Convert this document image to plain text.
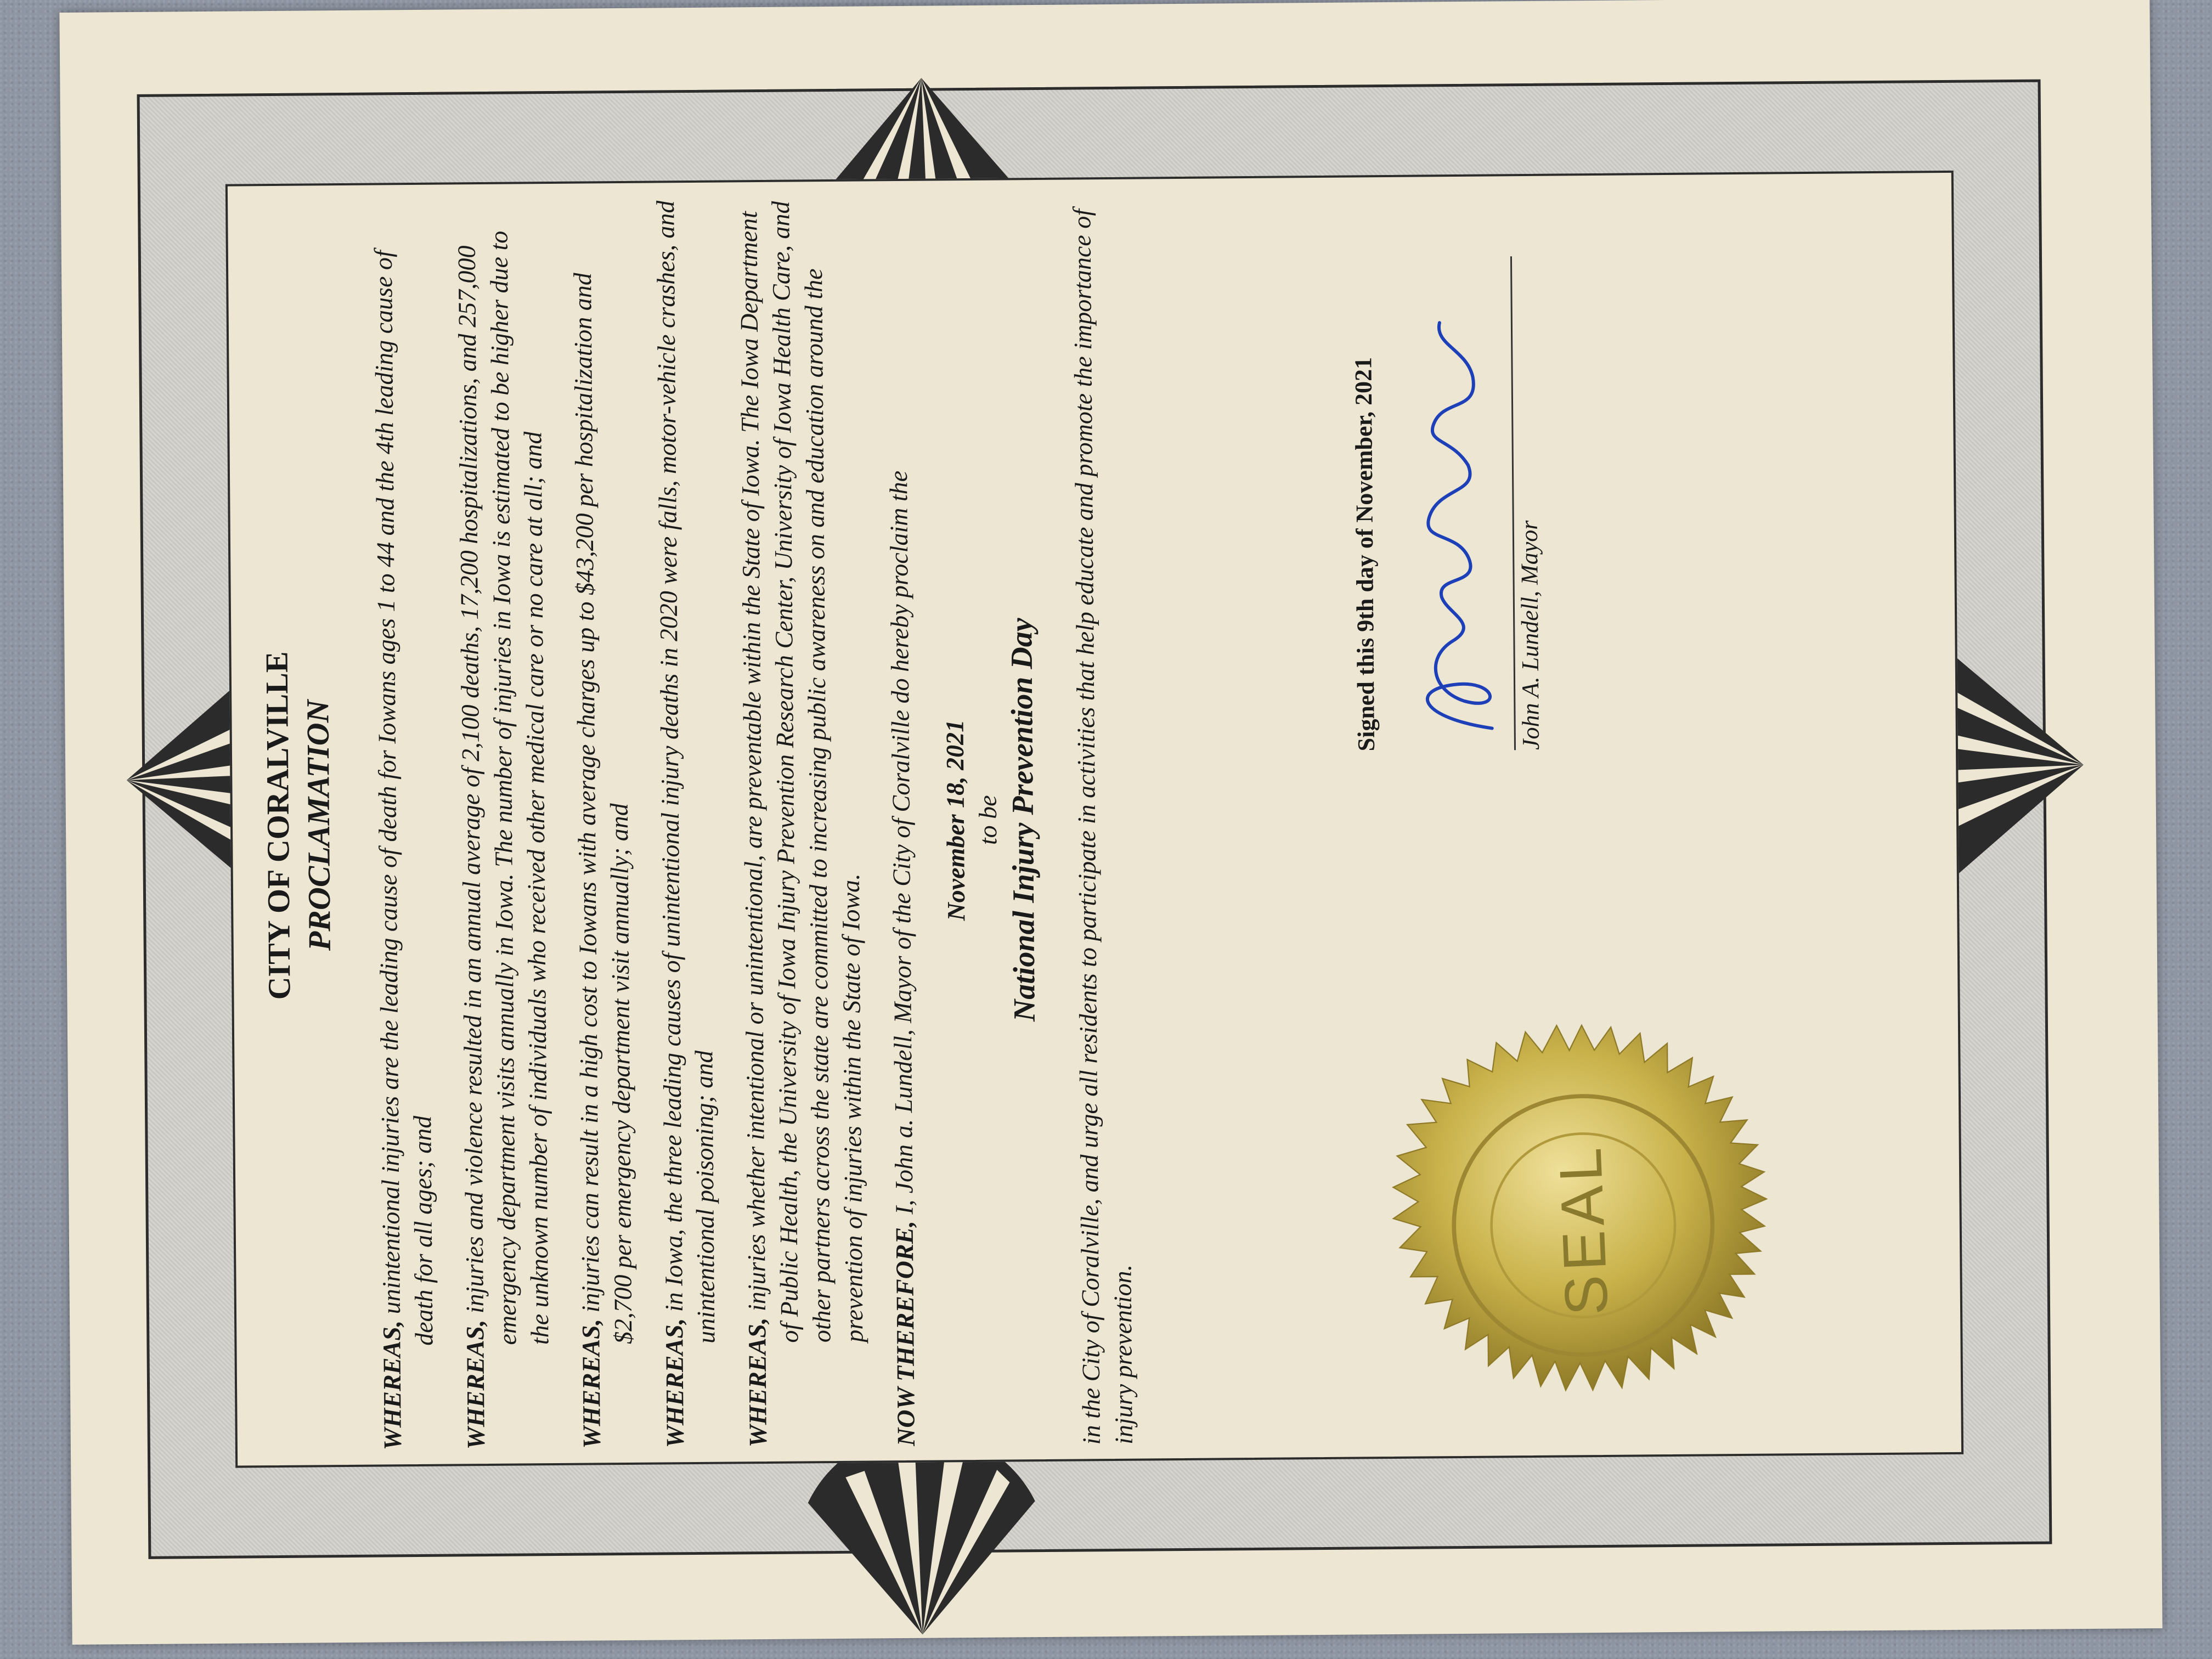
CITY OF CORALVILLE PROCLAMATION

WHEREAS, unintentional injuries are the leading cause of death for Iowans ages 1 to 44 and the 4th leading cause of death for all ages; and

WHEREAS, injuries and violence resulted in an annual average of 2,100 deaths, 17,200 hospitalizations, and 257,000 emergency department visits annually in Iowa. The number of injuries in Iowa is estimated to be higher due to the unknown number of individuals who received other medical care or no care at all; and

WHEREAS, injuries can result in a high cost to Iowans with average charges up to $43,200 per hospitalization and $2,700 per emergency department visit annually; and

WHEREAS, in Iowa, the three leading causes of unintentional injury deaths in 2020 were falls, motor-vehicle crashes, and unintentional poisoning; and

WHEREAS, injuries whether intentional or unintentional, are preventable within the State of Iowa. The Iowa Department of Public Health, the University of Iowa Injury Prevention Research Center, University of Iowa Health Care, and other partners across the state are committed to increasing public awareness on and education around the prevention of injuries within the State of Iowa. NOW THEREFORE, I, John a. Lundell, Mayor of the City of Coralville do hereby proclaim the November 18, 2021 to be National Injury Prevention Day in the City of Coralville, and urge all residents to participate in activities that help educate and promote the importance of injury prevention.

Signed this 9th day of November, 2021	John A. Lundell, Mayor
SEAL
